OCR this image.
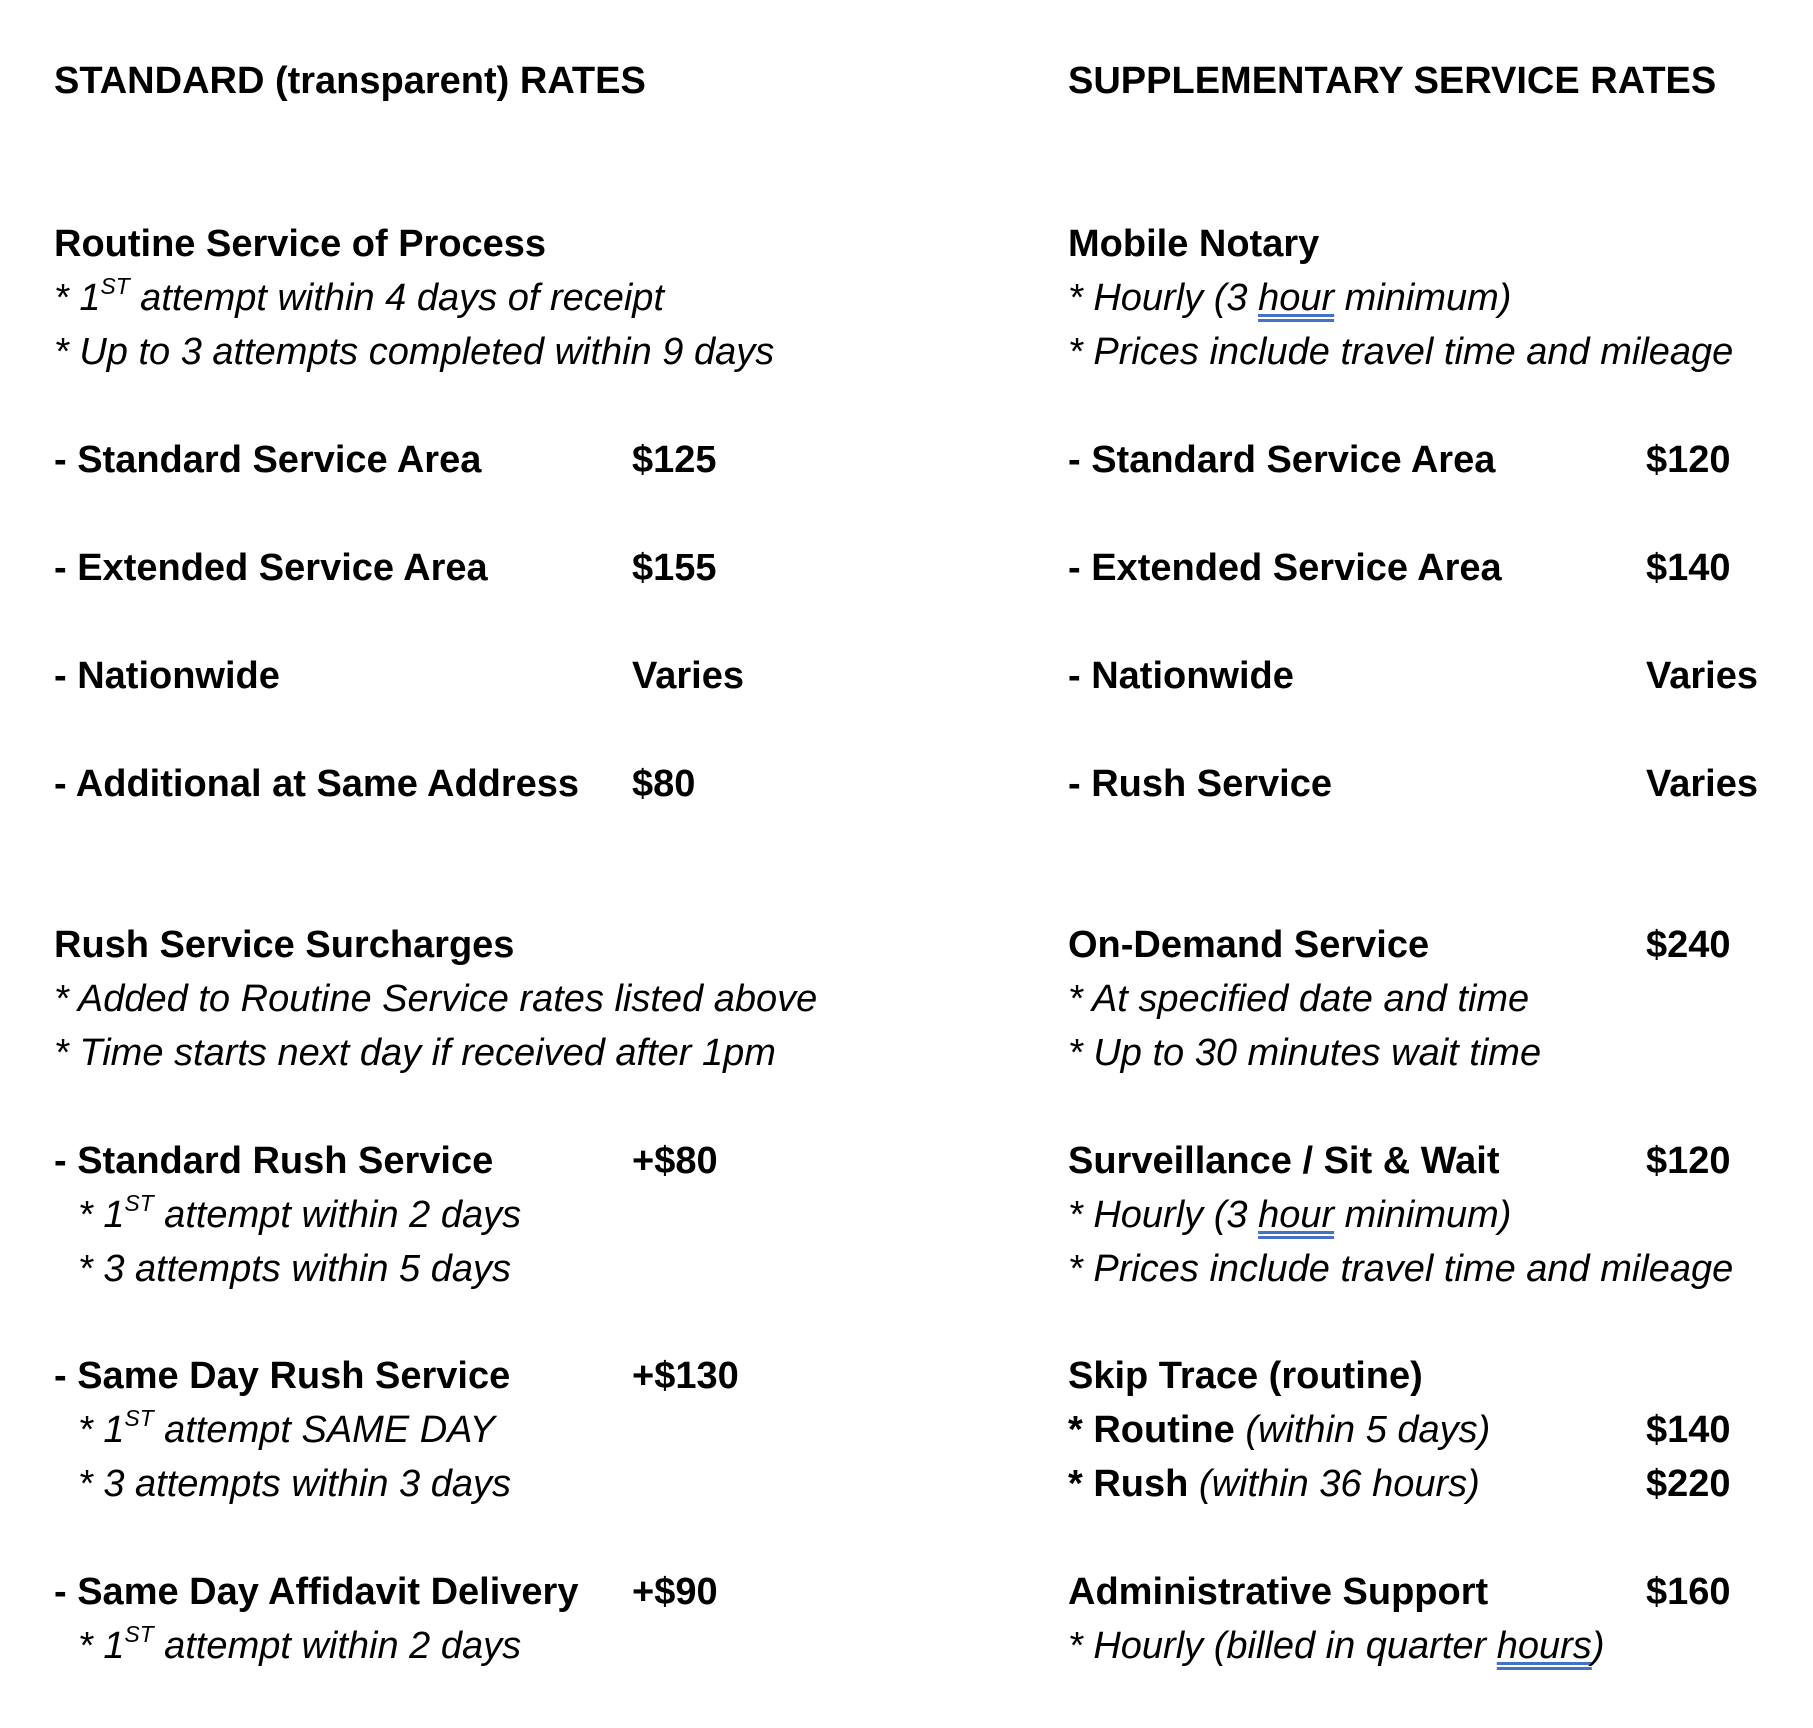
STANDARD (transparent) RATES
Routine Service of Process
* 1ST attempt within 4 days of receipt
* Up to 3 attempts completed within 9 days
- Standard Service Area	$125
- Extended Service Area	$155
- Nationwide	Varies
- Additional at Same Address $80
Rush Service Surcharges
* Added to Routine Service rates listed above
* Time starts next day if received after 1pm
- Standard Rush Service	+$80
* 1ST attempt within 2 days
* 3 attempts within 5 days
- Same Day Rush Service	+$130
* 1ST attempt SAME DAY
* 3 attempts within 3 days
- Same Day Affidavit Delivery +$90
* 1ST attempt within 2 days
SUPPLEMENTARY SERVICE RATES
Mobile Notary
* Hourly (3 hour minimum)
* Prices include travel time and mileage
- Standard Service Area	$120
- Extended Service Area	$140
- Nationwide	Varies
- Rush Service	Varies
On-Demand Service	$240
* At specified date and time
* Up to 30 minutes wait time
Surveillance / Sit & Wait	$120
* Hourly (3 hour minimum)
* Prices include travel time and mileage
Skip Trace (routine)
* Routine (within 5 days)	$140
* Rush (within 36 hours)	$220
Administrative Support	$160
* Hourly (billed in quarter hours)
